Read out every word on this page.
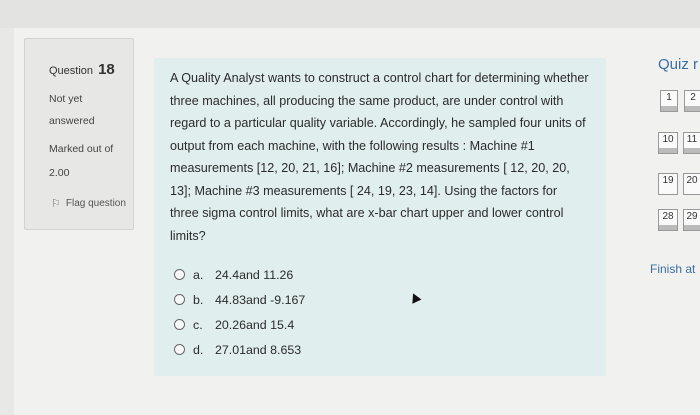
Question 18
Not yet
answered
Marked out of
2.00
⚐ Flag question
A Quality Analyst wants to construct a control chart for determining whether
three machines, all producing the same product, are under control with
regard to a particular quality variable. Accordingly, he sampled four units of
output from each machine, with the following results : Machine #1
measurements [12, 20, 21, 16]; Machine #2 measurements [ 12, 20, 20,
13]; Machine #3 measurements [ 24, 19, 23, 14]. Using the factors for
three sigma control limits, what are x-bar chart upper and lower control
limits?
a. 24.4and 11.26
b. 44.83and -9.167
c. 20.26and 15.4
d. 27.01and 8.653
Quiz r
1	2
10	11
19	20
28	29
Finish at
